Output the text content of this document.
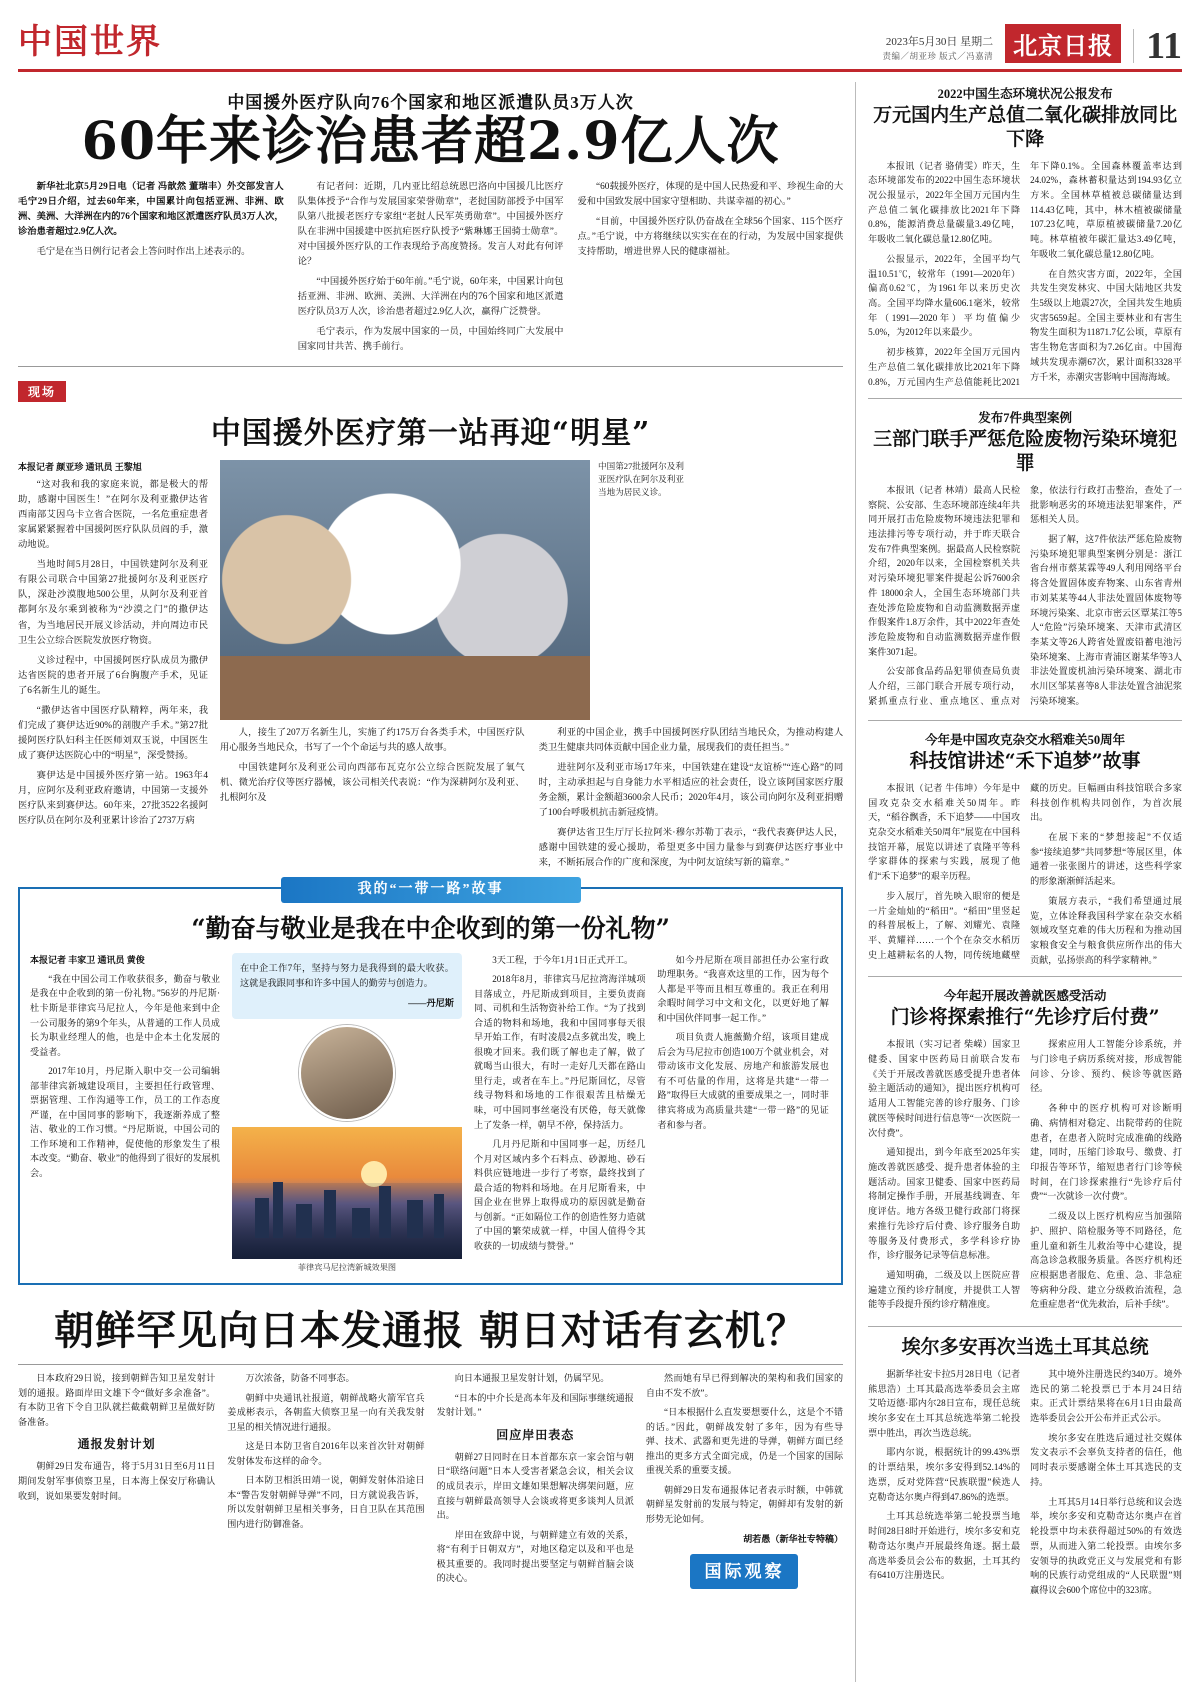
中国世界	2023年5月30日 星期二
责编／胡亚珍 版式／冯嘉清 北京日报 11
中国援外医疗队向76个国家和地区派遣队员3万人次
60年来诊治患者超2.9亿人次

新华社北京5月29日电（记者 冯歆然 董瑞丰）外交部发言人毛宁29日介绍，过去60年来，中国累计向包括亚洲、非洲、欧洲、美洲、大洋洲在内的76个国家和地区派遣医疗队员3万人次，诊治患者超过2.9亿人次。

毛宁是在当日例行记者会上答问时作出上述表示的。

有记者问：近期，几内亚比绍总统恩巴洛向中国援几比医疗队集体授予“合作与发展国家荣誉勋章”，老挝国防部授予中国军队第八批援老医疗专家组“老挝人民军英勇勋章”。中国援外医疗队在非洲中国援建中医抗疟医疗队授予“紫琳娜王国骑士勋章”。对中国援外医疗队的工作表现给予高度赞扬。发言人对此有何评论？

“中国援外医疗始于60年前。”毛宁说，60年来，中国累计向包括亚洲、非洲、欧洲、美洲、大洋洲在内的76个国家和地区派遣医疗队员3万人次，诊治患者超过2.9亿人次，赢得广泛赞誉。

毛宁表示，作为发展中国家的一员，中国始终同广大发展中国家同甘共苦、携手前行。

“60载援外医疗，体现的是中国人民热爱和平、珍视生命的大爱和中国致发展中国家守望相助、共谋幸福的初心。”

“目前，中国援外医疗队仍奋战在全球56个国家、115个医疗点。”毛宁说，中方将继续以实实在在的行动，为发展中国家提供支持帮助，增进世界人民的健康福祉。

现场
中国援外医疗第一站再迎“明星”
本报记者 颜亚珍 通讯员 王黎旭

“这对我和我的家庭来说，都是极大的帮助，感谢中国医生！”在阿尔及利亚撒伊达省西南部艾因乌卡立省合医院，一名危重症患者家属紧紧握着中国援阿医疗队队员阎的手，激动地说。

当地时间5月28日，中国铁建阿尔及利亚有限公司联合中国第27批援阿尔及利亚医疗队，深赴沙漠腹地500公里，从阿尔及利亚首都阿尔及尔乘到被称为“沙漠之门”的撒伊达省，为当地居民开展义诊活动，并向周边市民卫生公立综合医院发放医疗物资。

义诊过程中，中国援阿医疗队成员为撒伊达省医院的患者开展了6台胸腹产手术，见证了6名新生儿的诞生。

“撒伊达省中国医疗队精粹，两年来，我们完成了赛伊达近90%的剖腹产手术。”第27批援阿医疗队妇科主任医师刘双玉说，中国医生成了赛伊达医院心中的“明星”，深受赞扬。

赛伊达是中国援外医疗第一站。1963年4月，应阿尔及利亚政府邀请，中国第一支援外医疗队来到赛伊达。60年来，27批3522名援阿医疗队员在阿尔及利亚累计诊治了2737万病

中国第27批援阿尔及利亚医疗队在阿尔及利亚当地为居民义诊。

人，接生了207万名新生儿，实施了约175万台各类手术，中国医疗队用心服务当地民众，书写了一个个命运与共的感人故事。

中国铁建阿尔及利亚公司向西部布瓦克尔公立综合医院发展了氧气机、微光治疗仪等医疗器械，该公司相关代表说：“作为深耕阿尔及利亚、扎根阿尔及

利亚的中国企业，携手中国援阿医疗队团结当地民众，为推动构建人类卫生健康共同体贡献中国企业力量，展现我们的责任担当。”

进驻阿尔及利亚市场17年来，中国铁建在建设“友谊桥”“连心路”的同时，主动承担起与自身能力水平相适应的社会责任，设立该阿国家医疗服务金额，累计金额超3600余人民币；2020年4月，该公司向阿尔及利亚捐赠了100台呼吸机抗击新冠疫情。

赛伊达省卫生厅厅长拉阿米·穆尔苏勒丁表示，“我代表赛伊达人民，感谢中国铁建的爱心援助，希望更多中国力量参与到赛伊达医疗事业中来，不断拓展合作的广度和深度，为中阿友谊续写新的篇章。”

我的“一带一路”故事
“勤奋与敬业是我在中企收到的第一份礼物”
本报记者 丰家卫 通讯员 黄俊

“我在中国公司工作收获很多，勤奋与敬业是我在中企收到的第一份礼物。”56岁的丹尼斯·杜卡斯是菲律宾马尼拉人，今年是他来到中企一公司服务的第9个年头，从普通的工作人员成长为职业经理人的他，也是中企本土化发展的受益者。

2017年10月，丹尼斯入职中交一公司编辑部菲律宾新城建设项目，主要担任行政管理、票据管理、工作沟通等工作，员工的工作态度严谨，在中国同事的影响下，我逐渐养成了整洁、敬业的工作习惯。“丹尼斯说，中国公司的工作环境和工作精神，促使他的形象发生了根本改变。“勤奋、敬业”的他得到了很好的发展机会。

在中企工作7年，坚持与努力是我得到的最大收获。这就是我跟同事和许多中国人的勤劳与创造力。
——丹尼斯
菲律宾马尼拉湾新城效果图

3天工程，于今年1月1日正式开工。

2018年8月，菲律宾马尼拉湾海洋城项目落成立，丹尼斯成到项目，主要负责商同、司机和生活物资补给工作。“为了找到合适的物料和场地，我和中国同事每天很早开始工作，有时凌晨2点多就出发，晚上很晚才回来。我们既了解也走了解，做了就喝当山很大，有时一走好几天都在路山里行走，或者在车上。”丹尼斯回忆，尽管线寻物料和场地的工作很艰苦且枯燥无味，可中国同事丝毫没有厌倦，每天就像上了发条一样，朝早不停，保持活力。

几月丹尼斯和中国同事一起，历经几个月对区域内多个石料点、砂源地、砂石料供应链地进一步行了考察，最终找到了最合适的物料和场地。在月尼斯看来，中国企业在世界上取得成功的原因就是勤奋与创新。“正如隔位工作的创造性努力造就了中国的繁荣成就一样，中国人值得令其收获的一切成绩与赞誉。”

如今丹尼斯在项目部担任办公室行政助理职务。“我喜欢这里的工作，因为每个人都是平等而且相互尊重的。我正在利用余暇时间学习中文和文化，以更好地了解和中国伙伴同事一起工作。”

项目负责人施薇勤介绍，该项目建成后会为马尼拉市创造100万个就业机会，对带动该市文化发展、房地产和旅游发展也有不可估量的作用，这将是共建“一带一路”取得巨大成就的重要成果之一，同时菲律宾将成为高质量共建“一带一路”的见证者和参与者。

朝鲜罕见向日本发通报 朝日对话有玄机？

日本政府29日说，接到朝鲜告知卫星发射计划的通报。路面岸田文雄下令“做好多余准备”。有本防卫省下令自卫队就拦截截朝鲜卫星做好防备准备。

通报发射计划

朝鲜29日发布通告，将于5月31日至6月11日期间发射军事侦察卫星，日本海上保安厅称确认收到，说如果要发射时间。

万次浓备，防备不同事态。

朝鲜中央通讯社报道，朝鲜战略火箭军官兵姜成彬表示，各朝监大侦察卫星一向有关我发射卫星的相关情况进行通报。

这是日本防卫省自2016年以来首次针对朝鲜发射体发布这样的命令。

日本防卫相浜田靖一说，朝鲜发射体沿途日本“警告发射朝鲜导弹”不同，日方就说我告诉，所以发射朝鲜卫星相关事务，日自卫队在其范围围内进行防御准备。

向日本通报卫星发射计划，仍属罕见。

“日本的中介长是高本年及和国际事继统通报发射计划。”

回应岸田表态

朝鲜27日同时在日本首都东京一家会馆与朝日“联络问题”日本人受害者紧急会议，相关会议的成员表示，岸田文雄如果想解决绑架问题，应直接与朝鲜最高领导人会谈或将更多谈判人员派出。

岸田在致辞中说，与朝鲜建立有效的关系，将“有利于日朝双方”，对地区稳定以及和平也是极其重要的。我同时提出要坚定与朝鲜首脑会谈的决心。

然而她有早已得到解决的架构和我们国家的自由不发不放”。

“日本根据什么直发要想要什么，这是个不错的话。”因此，朝鲜战发射了多年，因为有些导弹、技术、武器和更先进的导弹，朝鲜方面已经推出的更多方式全面完成，仍是一个国家的国际重视关系的重要支援。

朝鲜29日发布通报体记者表示时额，中韩就朝鲜星发射前的发展与特定，朝鲜却有发射的新形势无论如何。

胡若愚（新华社专特稿）

国际观察
2022中国生态环境状况公报发布
万元国内生产总值二氧化碳排放同比下降

本报讯（记者 骆倩雯）昨天，生态环境部发布的2022中国生态环境状况公报显示，2022年全国万元国内生产总值二氧化碳排放比2021年下降0.8%，能源消费总量碳量3.49亿吨，年吸收二氧化碳总量12.80亿吨。

公报显示，2022年，全国平均气温10.51℃，较常年（1991—2020年）偏高0.62℃，为1961年以来历史次高。全国平均降水量606.1毫米，较常年（1991—2020年）平均值偏少5.0%，为2012年以来最少。

初步核算，2022年全国万元国内生产总值二氧化碳排放比2021年下降0.8%，万元国内生产总值能耗比2021年下降0.1%。全国森林覆盖率达到24.02%，森林蓄积量达到194.93亿立方米。全国林草植被总碳储量达到114.43亿吨，其中，林木植被碳储量107.23亿吨，草原植被碳储量7.20亿吨。林草植被年碳汇量达3.49亿吨，年吸收二氧化碳总量12.80亿吨。

在自然灾害方面，2022年，全国共发生突发林灾、中国大陆地区共发生5级以上地震27次，全国共发生地质灾害5659起。全国主要林业和有害生物发生面积为11871.7亿公顷，草原有害生物危害面积为7.26亿亩。中国海域共发现赤潮67次，累计面积3328平方千米，赤潮灾害影响中国海海域。

发布7件典型案例
三部门联手严惩危险废物污染环境犯罪

本报讯（记者 林靖）最高人民检察院、公安部、生态环境部连续4年共同开展打击危险废物环境违法犯罪和违法排污等专项行动，并于昨天联合发布7件典型案例。据最高人民检察院介绍，2020年以来，全国检察机关共对污染环境犯罪案件提起公诉7600余件 18000余人，全国生态环境部门共查处涉危险废物和自动监测数据弄虚作假案件1.8万余件，其中2022年查处涉危险废物和自动监测数据弄虚作假案件3071起。

公安部食品药品犯罪侦查局负责人介绍，三部门联合开展专项行动，紧抓重点行业、重点地区、重点对象，依法行行政打击整治，查处了一批影响恶劣的环境违法犯罪案件，严惩相关人员。

据了解，这7件依法严惩危险废物污染环境犯罪典型案例分别是：浙江省台州市蔡某霖等49人利用网络平台将含处置固体废弃物案、山东省青州市刘某某等44人非法处置固体废物等环境污染案、北京市密云区覃某江等5人“危险”污染环境案、天津市武清区李某文等26人跨省处置废铅蓄电池污染环境案、上海市青浦区谢某华等3人非法处置废机油污染环境案、湖北市水川区邹某喜等8人非法处置含油泥浆污染环境案。

今年是中国攻克杂交水稻难关50周年
科技馆讲述“禾下追梦”故事

本报讯（记者 牛伟坤）今年是中国攻克杂交水稻难关50周年。昨天，“稻谷飘香，禾下追梦——中国攻克杂交水稻难关50周年”展览在中国科技馆开幕，展览以讲述了袁隆平等科学家群体的探索与实践，展现了他们“禾下追梦”的艰辛历程。

步入展厅，首先映入眼帘的便是一片金灿灿的“稻田”。“稻田”里竖起的科普展板上，了解、刘耀光、袁隆平、黄耀祥……一个个在杂交水稻历史上越耕耘名的人物，同传统地藏壁藏的历史。巨幅画由科技馆联合多家科技创作机构共同创作，为首次展出。

在展下来的“梦想接起”不仅适参“接续追梦”共同梦想“等展区里，体通着一张张图片的讲述，这些科学家的形象渐渐鲜活起来。

策展方表示，“我们希望通过展览，立体诠释我国科学家在杂交水稻领域攻坚克难的伟大历程和为推动国家粮食安全与粮食供应所作出的伟大贡献，弘扬崇高的科学家精神。”

今年起开展改善就医感受活动
门诊将探索推行“先诊疗后付费”

本报讯（实习记者 柴嵘）国家卫健委、国家中医药局日前联合发布《关于开展改善就医感受提升患者体验主题活动的通知》，提出医疗机构可适用人工智能完善的诊疗服务、门诊就医等候时间进行信息等“一次医院一次付费”。

通知提出，到今年底至2025年实施改善就医感受、提升患者体验的主题活动。国家卫健委、国家中医药局将制定操作手册，开展基线调查、年度评估。地方各级卫健行政部门将探索推行先诊疗后付费、诊疗服务自助等服务及付费形式，多学科诊疗协作，诊疗服务记录等信息标准。

通知明确，二级及以上医院应普遍建立预约诊疗制度，并提供工人智能等手段提升预约诊疗精准度。

探索应用人工智能分诊系统，并与门诊电子病历系统对接，形成智能问诊、分诊、预约、候诊等就医路径。

各种中的医疗机构可对诊断明确、病情相对稳定、出院带药的住院患者，在患者入院时完成准确的线路建，同时，压缩门诊取号、缴费、打印报告等环节，缩短患者行门诊等候时间，在门诊探索推行“先诊疗后付费”“一次就诊一次付费”。

二级及以上医疗机构应当加强陪护、照护、陪检服务等不同路径，危重儿童和新生儿救治等中心建设，提高急诊急救服务质量。各医疗机构还应根据患者服危、危重、急、非急症等病种分段、建立分级救治流程，急危重症患者“优先救治，后补手续”。

埃尔多安再次当选土耳其总统

据新华社安卡拉5月28日电（记者 熊思浩）土耳其最高选举委员会主席艾哈迈德·耶内尔28日宣布，现任总统埃尔多安在土耳其总统选举第二轮投票中胜出，再次当选总统。

耶内尔说，根据统计的99.43%票的计票结果，埃尔多安得到52.14%的选票，反对党阵营“民族联盟”候选人克勒奇达尔奥卢得到47.86%的选票。

土耳其总统选举第二轮投票当地时间28日8时开始进行，埃尔多安和克勒奇达尔奥卢开展最终角逐。据土最高选举委员会公布的数据，土耳其约有6410万注册选民。

其中境外注册选民约340万。境外选民的第二轮投票已于本月24日结束。正式计票结果将在6月1日由最高选举委员会公开公布并正式公示。

埃尔多安在胜选后通过社交媒体发文表示不会辜负支持者的信任，他同时表示要感谢全体土耳其选民的支持。

土耳其5月14日举行总统和议会选举，埃尔多安和克勒奇达尔奥卢在首轮投票中均未获得超过50%的有效选票，从而进入第二轮投票。由埃尔多安领导的执政党正义与发展党和有影响的民族行动党组成的“人民联盟”则赢得议会600个席位中的323席。
